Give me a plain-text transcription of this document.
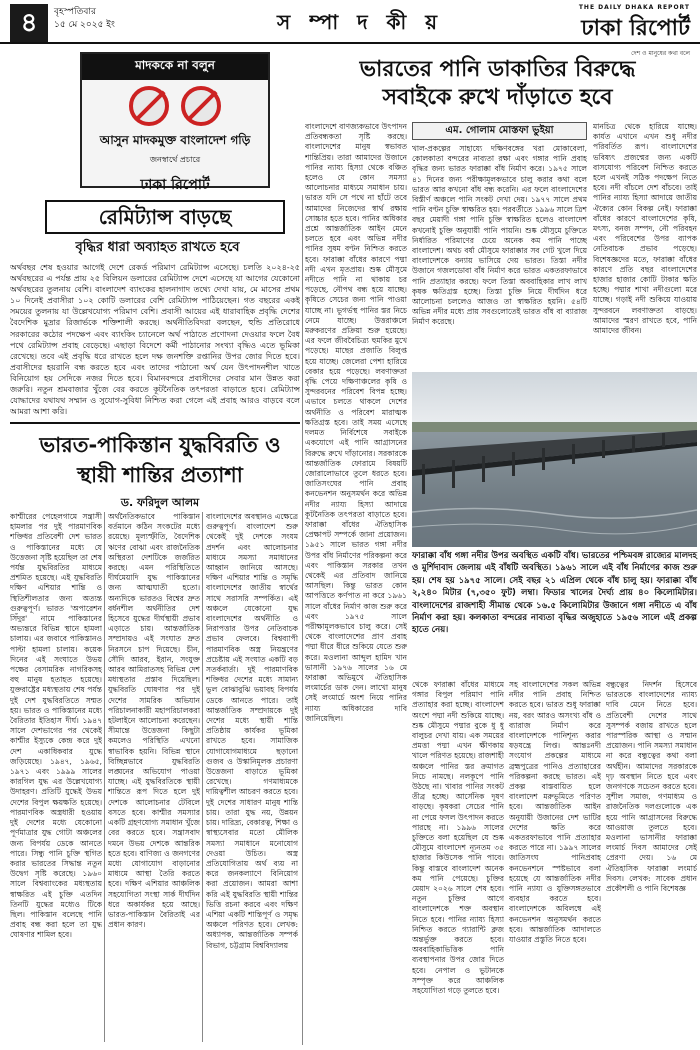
৪	বৃহস্পতিবার
১৫ মে ২০২৫ ইং	স ম্পা দ কী য়
THE DAILY DHAKA REPORT
ঢাকা রিপোর্ট
দেশ ও মানুষের কথা বলে
মাদককে না বলুন
আসুন মাদকমুক্ত বাংলাদেশ গড়ি
জনস্বার্থে প্রচারে
ঢাকা রিপোর্ট
ভারতের পানি ডাকাতির বিরুদ্ধে
সবাইকে রুখে দাঁড়াতে হবে
রেমিট্যান্স বাড়ছে
বৃদ্ধির ধারা অব্যাহত রাখতে হবে
অর্থবছর শেষ হওয়ার আগেই দেশে রেকর্ড পরিমাণ রেমিট্যান্স এসেছে। চলতি ২০২৪-২৫ অর্থবছরের এ পর্যন্ত প্রায় ২৫ বিলিয়ন ডলারের রেমিট্যান্স দেশে এসেছে যা আগের যেকোনো অর্থবছরের তুলনায় বেশি। বাংলাদেশ ব্যাংকের হালনাগাদ তথ্যে দেখা যায়, মে মাসের প্রথম ১০ দিনেই প্রবাসীরা ১০২ কোটি ডলারের বেশি রেমিট্যান্স পাঠিয়েছেন। গত বছরের একই সময়ের তুলনায় যা উল্লেখযোগ্য পরিমাণ বেশি। প্রবাসী আয়ের এই ধারাবাহিক প্রবৃদ্ধি দেশের বৈদেশিক মুদ্রার রিজার্ভকে শক্তিশালী করছে। অর্থনীতিবিদরা বলছেন, হুন্ডি প্রতিরোধে সরকারের কঠোর পদক্ষেপ এবং ব্যাংকিং চ্যানেলে অর্থ পাঠাতে প্রণোদনা দেওয়ার ফলে বৈধ পথে রেমিট্যান্স প্রবাহ বেড়েছে। এছাড়া বিদেশে কর্মী পাঠানোর সংখ্যা বৃদ্ধিও এতে ভূমিকা রেখেছে। তবে এই প্রবৃদ্ধি ধরে রাখতে হলে দক্ষ জনশক্তি রপ্তানির উপর জোর দিতে হবে। প্রবাসীদের হয়রানি বন্ধ করতে হবে এবং তাদের পাঠানো অর্থ যেন উৎপাদনশীল খাতে বিনিয়োগ হয় সেদিকে নজর দিতে হবে। বিমানবন্দরে প্রবাসীদের সেবার মান উন্নত করা জরুরি। নতুন শ্রমবাজার খুঁজে বের করতে কূটনৈতিক তৎপরতা বাড়াতে হবে। রেমিট্যান্স যোদ্ধাদের যথাযথ সম্মান ও সুযোগ-সুবিধা নিশ্চিত করা গেলে এই প্রবাহ আরও বাড়বে বলে আমরা আশা করি।
ভারত-পাকিস্তান যুদ্ধবিরতি ও
স্থায়ী শান্তির প্রত্যাশা
ড. ফরিদুল আলম
কাশ্মীরের পেহেলগামে সন্ত্রাসী হামলার পর দুই পারমাণবিক শক্তিধর প্রতিবেশী দেশ ভারত ও পাকিস্তানের মধ্যে যে উত্তেজনা সৃষ্টি হয়েছিল তা শেষ পর্যন্ত যুদ্ধবিরতির মাধ্যমে প্রশমিত হয়েছে। এই যুদ্ধবিরতি দক্ষিণ এশিয়ার শান্তি ও স্থিতিশীলতার জন্য অত্যন্ত গুরুত্বপূর্ণ। ভারত 'অপারেশন সিঁদুর' নামে পাকিস্তানের অভ্যন্তরে বিভিন্ন স্থানে হামলা চালায়। এর জবাবে পাকিস্তানও পাল্টা হামলা চালায়। কয়েক দিনের এই সংঘাতে উভয় পক্ষের বেসামরিক নাগরিকসহ বহু মানুষ হতাহত হয়েছে। যুক্তরাষ্ট্রের মধ্যস্থতায় শেষ পর্যন্ত দুই দেশ যুদ্ধবিরতিতে সম্মত হয়। ভারত ও পাকিস্তানের মধ্যে বৈরিতার ইতিহাস দীর্ঘ। ১৯৪৭ সালে দেশভাগের পর থেকেই কাশ্মীর ইস্যুকে কেন্দ্র করে দুই দেশ একাধিকবার যুদ্ধে জড়িয়েছে। ১৯৪৭, ১৯৬৫, ১৯৭১ এবং ১৯৯৯ সালের কারগিল যুদ্ধ এর উল্লেখযোগ্য উদাহরণ। প্রতিটি যুদ্ধেই উভয় দেশের বিপুল ক্ষয়ক্ষতি হয়েছে। পারমাণবিক অস্ত্রধারী হওয়ায় দুই দেশের মধ্যে যেকোনো পূর্ণমাত্রার যুদ্ধ গোটা অঞ্চলের জন্য বিপর্যয় ডেকে আনতে পারে। সিন্ধু পানি চুক্তি স্থগিত করার ভারতের সিদ্ধান্ত নতুন উদ্বেগ সৃষ্টি করেছে। ১৯৬০ সালে বিশ্বব্যাংকের মধ্যস্থতায় স্বাক্ষরিত এই চুক্তি এতদিন তিনটি যুদ্ধের মধ্যেও টিকে ছিল। পাকিস্তান বলেছে পানি প্রবাহ বন্ধ করা হলে তা যুদ্ধ ঘোষণার শামিল হবে।
অর্থনৈতিকভাবে পাকিস্তান বর্তমানে কঠিন সংকটের মধ্যে রয়েছে। মূল্যস্ফীতি, বৈদেশিক ঋণের বোঝা এবং রাজনৈতিক অস্থিরতা দেশটিকে জর্জরিত করছে। এমন পরিস্থিতিতে দীর্ঘমেয়াদি যুদ্ধ পাকিস্তানের জন্য আত্মঘাতী হতো। অন্যদিকে ভারতও বিশ্বের দ্রুত বর্ধনশীল অর্থনীতির দেশ হিসেবে যুদ্ধের দীর্ঘস্থায়ী প্রভাব এড়াতে চায়। আন্তর্জাতিক সম্প্রদায়ও এই সংঘাত দ্রুত নিরসনে চাপ দিয়েছে। চীন, সৌদি আরব, ইরান, সংযুক্ত আরব আমিরাতসহ বিভিন্ন দেশ মধ্যস্থতার প্রস্তাব দিয়েছিল। যুদ্ধবিরতি ঘোষণার পর দুই দেশের সামরিক অভিযান পরিচালনাকারী মহাপরিচালকরা হটলাইনে আলোচনা করেছেন। সীমান্তে উত্তেজনা কিছুটা কমলেও পরিস্থিতি এখনো স্বাভাবিক হয়নি। বিভিন্ন স্থানে বিচ্ছিন্নভাবে যুদ্ধবিরতি লঙ্ঘনের অভিযোগ পাওয়া যাচ্ছে। এই যুদ্ধবিরতিকে স্থায়ী শান্তিতে রূপ দিতে হলে দুই দেশকে আলোচনার টেবিলে বসতে হবে। কাশ্মীর সমস্যার একটি গ্রহণযোগ্য সমাধান খুঁজে বের করতে হবে। সন্ত্রাসবাদ দমনে উভয় দেশকে আন্তরিক হতে হবে। বাণিজ্য ও জনগণের মধ্যে যোগাযোগ বাড়ানোর মাধ্যমে আস্থা তৈরি করতে হবে। দক্ষিণ এশিয়ার আঞ্চলিক সহযোগিতা সংস্থা সার্ক দীর্ঘদিন ধরে অকার্যকর হয়ে আছে। ভারত-পাকিস্তান বৈরিতাই এর প্রধান কারণ।
বাংলাদেশের অবস্থানও এক্ষেত্রে গুরুত্বপূর্ণ। বাংলাদেশ শুরু থেকেই দুই দেশকে সংযম প্রদর্শন এবং আলোচনার মাধ্যমে সমস্যা সমাধানের আহ্বান জানিয়ে আসছে। দক্ষিণ এশিয়ার শান্তি ও সমৃদ্ধি বাংলাদেশের জাতীয় স্বার্থের সাথে সরাসরি সম্পর্কিত। এই অঞ্চলে যেকোনো যুদ্ধ বাংলাদেশের অর্থনীতি ও নিরাপত্তার উপর নেতিবাচক প্রভাব ফেলবে। বিশ্বব্যাপী পারমাণবিক অস্ত্র নিয়ন্ত্রণের প্রচেষ্টায় এই সংঘাত একটি বড় সতর্কবার্তা। দুই পারমাণবিক শক্তিধর দেশের মধ্যে সামান্য ভুল বোঝাবুঝি ভয়াবহ বিপর্যয় ডেকে আনতে পারে। তাই আন্তর্জাতিক সম্প্রদায়কে দুই দেশের মধ্যে স্থায়ী শান্তি প্রতিষ্ঠায় কার্যকর ভূমিকা রাখতে হবে। সামাজিক যোগাযোগমাধ্যমে ছড়ানো গুজব ও উস্কানিমূলক প্রচারণা উত্তেজনা বাড়াতে ভূমিকা রেখেছে। গণমাধ্যমকে দায়িত্বশীল আচরণ করতে হবে। দুই দেশের সাধারণ মানুষ শান্তি চায়। তারা যুদ্ধ নয়, উন্নয়ন চায়। দারিদ্র্য, বেকারত্ব, শিক্ষা ও স্বাস্থ্যসেবার মতো মৌলিক সমস্যা সমাধানে মনোযোগ দেওয়া উচিত। অস্ত্র প্রতিযোগিতায় অর্থ ব্যয় না করে জনকল্যাণে বিনিয়োগ করা প্রয়োজন। আমরা আশা করি এই যুদ্ধবিরতি স্থায়ী শান্তির ভিত্তি রচনা করবে এবং দক্ষিণ এশিয়া একটি শান্তিপূর্ণ ও সমৃদ্ধ অঞ্চলে পরিণত হবে। লেখক: অধ্যাপক, আন্তর্জাতিক সম্পর্ক বিভাগ, চট্টগ্রাম বিশ্ববিদ্যালয়
বাংলাদেশে বাণজ্যকভাবে উৎপাদন প্রতিবন্ধকতা সৃষ্টি করছে। বাংলাদেশের মানুষ স্বভাবত শান্তিপ্রিয়। তারা আমাদের উজানে পানির ন্যায্য হিস্যা থেকে বঞ্চিত হলেও যে কোন সমস্যা আলোচনার মাধ্যমে সমাধান চায়। ভারত যদি সে পথে না হাঁটে তবে আমাদের নিজেদের স্বার্থ রক্ষায় সোচ্চার হতে হবে। পানির অধিকার প্রশ্নে আন্তর্জাতিক আইন মেনে চলতে হবে এবং অভিন্ন নদীর পানির সুষম বণ্টন নিশ্চিত করতে হবে। ফারাক্কা বাঁধের কারণে পদ্মা নদী এখন মৃতপ্রায়। শুষ্ক মৌসুমে নদীতে পানি না থাকায় চর পড়েছে, নৌপথ বন্ধ হয়ে যাচ্ছে। কৃষিতে সেচের জন্য পানি পাওয়া যাচ্ছে না। ভূগর্ভস্থ পানির স্তর নিচে নেমে যাচ্ছে। উত্তরাঞ্চলে মরুকরণের প্রক্রিয়া শুরু হয়েছে। এর ফলে জীববৈচিত্র্য হুমকির মুখে পড়েছে। মাছের প্রজাতি বিলুপ্ত হয়ে যাচ্ছে। জেলেরা পেশা হারিয়ে বেকার হয়ে পড়েছে। লবণাক্ততা বৃদ্ধি পেয়ে দক্ষিণাঞ্চলের কৃষি ও সুন্দরবনের পরিবেশ বিপন্ন হচ্ছে। এভাবে চলতে থাকলে দেশের অর্থনীতি ও পরিবেশ মারাত্মক ক্ষতিগ্রস্ত হবে। তাই সময় এসেছে দলমত নির্বিশেষে সবাইকে একযোগে এই পানি আগ্রাসনের বিরুদ্ধে রুখে দাঁড়ানোর। সরকারকে আন্তর্জাতিক ফোরামে বিষয়টি জোরালোভাবে তুলে ধরতে হবে। জাতিসংঘের পানি প্রবাহ কনভেনশন অনুসমর্থন করে অভিন্ন নদীর ন্যায্য হিস্যা আদায়ে কূটনৈতিক তৎপরতা বাড়াতে হবে। ফারাক্কা বাঁধের ঐতিহাসিক প্রেক্ষাপট সম্পর্কে জানা প্রয়োজন। ১৯৫১ সালে ভারত গঙ্গা নদীর উপর বাঁধ নির্মাণের পরিকল্পনা করে এবং পাকিস্তান সরকার তখন থেকেই এর প্রতিবাদ জানিয়ে আসছিল। কিন্তু ভারত কোন আপত্তিতে কর্ণপাত না করে ১৯৬১ সালে বাঁধের নির্মাণ কাজ শুরু করে এবং ১৯৭৫ সালে পরীক্ষামূলকভাবে চালু করে। সেই থেকে বাংলাদেশের প্রাণ প্রবাহ পদ্মা ধীরে ধীরে শুকিয়ে যেতে শুরু করে। মওলানা আব্দুল হামিদ খান ভাসানী ১৯৭৬ সালের ১৬ মে ফারাক্কা অভিমুখে ঐতিহাসিক লংমার্চের ডাক দেন। লাখো মানুষ সেই লংমার্চে অংশ নিয়ে পানির ন্যায্য অধিকারের দাবি জানিয়েছিল।
এম. গোলাম মোস্তফা ভুইয়া
খাল-প্রকল্পের সাহায্যে দক্ষিণবঙ্গের খরা মোকাবেলা, কোলকাতা বন্দরের নাব্যতা রক্ষা এবং গঙ্গার পানি প্রবাহ বৃদ্ধির জন্য ভারত ফারাক্কা বাঁধ নির্মাণ করে। ১৯৭৫ সালে ৪১ দিনের জন্য পরীক্ষামূলকভাবে চালু করার কথা বলে ভারত আর কখনো বাঁধ বন্ধ করেনি। এর ফলে বাংলাদেশের বিস্তীর্ণ অঞ্চলে পানি সংকট দেখা দেয়। ১৯৭৭ সালে প্রথম পানি বণ্টন চুক্তি স্বাক্ষরিত হয়। পরবর্তীতে ১৯৯৬ সালে ত্রিশ বছর মেয়াদী গঙ্গা পানি চুক্তি স্বাক্ষরিত হলেও বাংলাদেশ কখনোই চুক্তি অনুযায়ী পানি পায়নি। শুষ্ক মৌসুমে চুক্তিতে নির্ধারিত পরিমাণের চেয়ে অনেক কম পানি পাচ্ছে বাংলাদেশ। অথচ বর্ষা মৌসুমে ফারাক্কার সব গেট খুলে দিয়ে বাংলাদেশকে বন্যায় ভাসিয়ে দেয় ভারত। তিস্তা নদীর উজানে গজলডোবা বাঁধ নির্মাণ করে ভারত একতরফাভাবে পানি প্রত্যাহার করছে। ফলে তিস্তা অববাহিকার লাখ লাখ কৃষক ক্ষতিগ্রস্ত হচ্ছে। তিস্তা চুক্তি নিয়ে দীর্ঘদিন ধরে আলোচনা চললেও আজও তা স্বাক্ষরিত হয়নি। ৫৪টি অভিন্ন নদীর মধ্যে প্রায় সবগুলোতেই ভারত বাঁধ বা ব্যারাজ নির্মাণ করেছে।
মানচিত্র থেকে হারিয়ে যাচ্ছে। কার্যত এখানে এখন শুধু নদীর পরিবর্তিত রূপ। বাংলাদেশের ভবিষ্যৎ প্রজন্মের জন্য একটি বাসযোগ্য পরিবেশ নিশ্চিত করতে হলে এখনই সঠিক পদক্ষেপ নিতে হবে। নদী বাঁচলে দেশ বাঁচবে। তাই পানির ন্যায্য হিস্যা আদায়ে জাতীয় ঐক্যের কোন বিকল্প নেই। ফারাক্কা বাঁধের কারণে বাংলাদেশের কৃষি, মৎস্য, বনজ সম্পদ, নৌ পরিবহন এবং পরিবেশের উপর ব্যাপক নেতিবাচক প্রভাব পড়েছে। বিশেষজ্ঞদের মতে, ফারাক্কা বাঁধের কারণে প্রতি বছর বাংলাদেশের হাজার হাজার কোটি টাকার ক্ষতি হচ্ছে। পদ্মার শাখা নদীগুলো মরে যাচ্ছে। গড়াই নদী শুকিয়ে যাওয়ায় সুন্দরবনে লবণাক্ততা বাড়ছে। আমাদের স্মরণ রাখতে হবে, পানি আমাদের জীবন।
ফারাক্কা বাঁধ গঙ্গা নদীর উপর অবস্থিত একটি বাঁধ। ভারতের পশ্চিমবঙ্গ রাজ্যের মালদহ ও মুর্শিদাবাদ জেলায় এই বাঁধটি অবস্থিত। ১৯৬১ সালে এই বাঁধ নির্মাণের কাজ শুরু হয়। শেষ হয় ১৯৭৫ সালে। সেই বছর ২১ এপ্রিল থেকে বাঁধ চালু হয়। ফারাক্কা বাঁধ ২,২৪০ মিটার (৭,৩৫০ ফুট) লম্বা। ফিডার খালের দৈর্ঘ্য প্রায় ৪০ কিলোমিটার। বাংলাদেশের রাজশাহী সীমান্ত থেকে ১৬.৫ কিলোমিটার উজানে গঙ্গা নদীতে এ বাঁধ নির্মাণ করা হয়। কলকাতা বন্দরের নাব্যতা বৃদ্ধির অজুহাতে ১৯৫৬ সালে এই প্রকল্প হাতে নেয়।
থেকে ফারাক্কা বাঁধের মাধ্যমে গঙ্গার বিপুল পরিমাণ পানি প্রত্যাহার করা হচ্ছে। বাংলাদেশ অংশে পদ্মা নদী শুকিয়ে যাচ্ছে। শুষ্ক মৌসুমে পদ্মার বুকে ধু ধু বালুচর দেখা যায়। এক সময়ের প্রমত্তা পদ্মা এখন ক্ষীণকায় খালে পরিণত হয়েছে। রাজশাহী অঞ্চলে পানির স্তর ক্রমাগত নিচে নামছে। নলকূপে পানি উঠছে না। খাবার পানির সংকট তীব্র হচ্ছে। আর্সেনিক দূষণ বাড়ছে। কৃষকরা সেচের পানি না পেয়ে ফসল উৎপাদন করতে পারছে না। ১৯৯৬ সালের চুক্তিতে বলা হয়েছিল যে শুষ্ক মৌসুমে বাংলাদেশ ন্যূনতম ৩৫ হাজার কিউসেক পানি পাবে। কিন্তু বাস্তবে বাংলাদেশ অনেক কম পানি পেয়েছে। চুক্তির মেয়াদ ২০২৬ সালে শেষ হবে। নতুন চুক্তির আগে বাংলাদেশকে শক্ত অবস্থান নিতে হবে। পানির ন্যায্য হিস্যা নিশ্চিত করতে গ্যারান্টি ক্লজ অন্তর্ভুক্ত করতে হবে। অববাহিকাভিত্তিক পানি ব্যবস্থাপনার উপর জোর দিতে হবে। নেপাল ও ভুটানকে সম্পৃক্ত করে আঞ্চলিক সহযোগিতা গড়ে তুলতে হবে।
সহ বাংলাদেশের সকল অভিন্ন নদীর পানি প্রবাহ নিশ্চিত করতে হবে। ভারত শুধু ফারাক্কা নয়, বরং আরও অসংখ্য বাঁধ ও ব্যারাজ নির্মাণ করে বাংলাদেশকে পানিশূন্য করার ষড়যন্ত্রে লিপ্ত। আন্তঃনদী সংযোগ প্রকল্পের মাধ্যমে ব্রহ্মপুত্রের পানিও প্রত্যাহারের পরিকল্পনা করছে ভারত। এই প্রকল্প বাস্তবায়িত হলে বাংলাদেশ মরুভূমিতে পরিণত হবে। আন্তর্জাতিক আইন অনুযায়ী উজানের দেশ ভাটির দেশের ক্ষতি করে একতরফাভাবে পানি প্রত্যাহার করতে পারে না। ১৯৯৭ সালের জাতিসংঘ পানিপ্রবাহ কনভেনশনে স্পষ্টভাবে বলা হয়েছে যে আন্তর্জাতিক নদীর পানি ন্যায্য ও যুক্তিসঙ্গতভাবে ব্যবহার করতে হবে। বাংলাদেশকে অবিলম্বে এই কনভেনশন অনুসমর্থন করতে হবে। আন্তর্জাতিক আদালতে যাওয়ার প্রস্তুতি নিতে হবে।
বন্ধুত্বের নিদর্শন হিসেবে ভারতকে বাংলাদেশের ন্যায্য দাবি মেনে নিতে হবে। প্রতিবেশী দেশের সাথে সুসম্পর্ক বজায় রাখতে হলে পারস্পরিক আস্থা ও সম্মান প্রয়োজন। পানি সমস্যা সমাধান না করে বন্ধুত্বের কথা বলা অর্থহীন। আমাদের সরকারকে দৃঢ় অবস্থান নিতে হবে এবং জনগণকে সচেতন করতে হবে। সুশীল সমাজ, গণমাধ্যম ও রাজনৈতিক দলগুলোকে এক হয়ে পানি আগ্রাসনের বিরুদ্ধে আওয়াজ তুলতে হবে। মওলানা ভাসানীর ফারাক্কা লংমার্চ দিবস আমাদের সেই প্রেরণা দেয়। ১৬ মে ঐতিহাসিক ফারাক্কা লংমার্চ দিবস। লেখক: সাবেক প্রধান প্রকৌশলী ও পানি বিশেষজ্ঞ
